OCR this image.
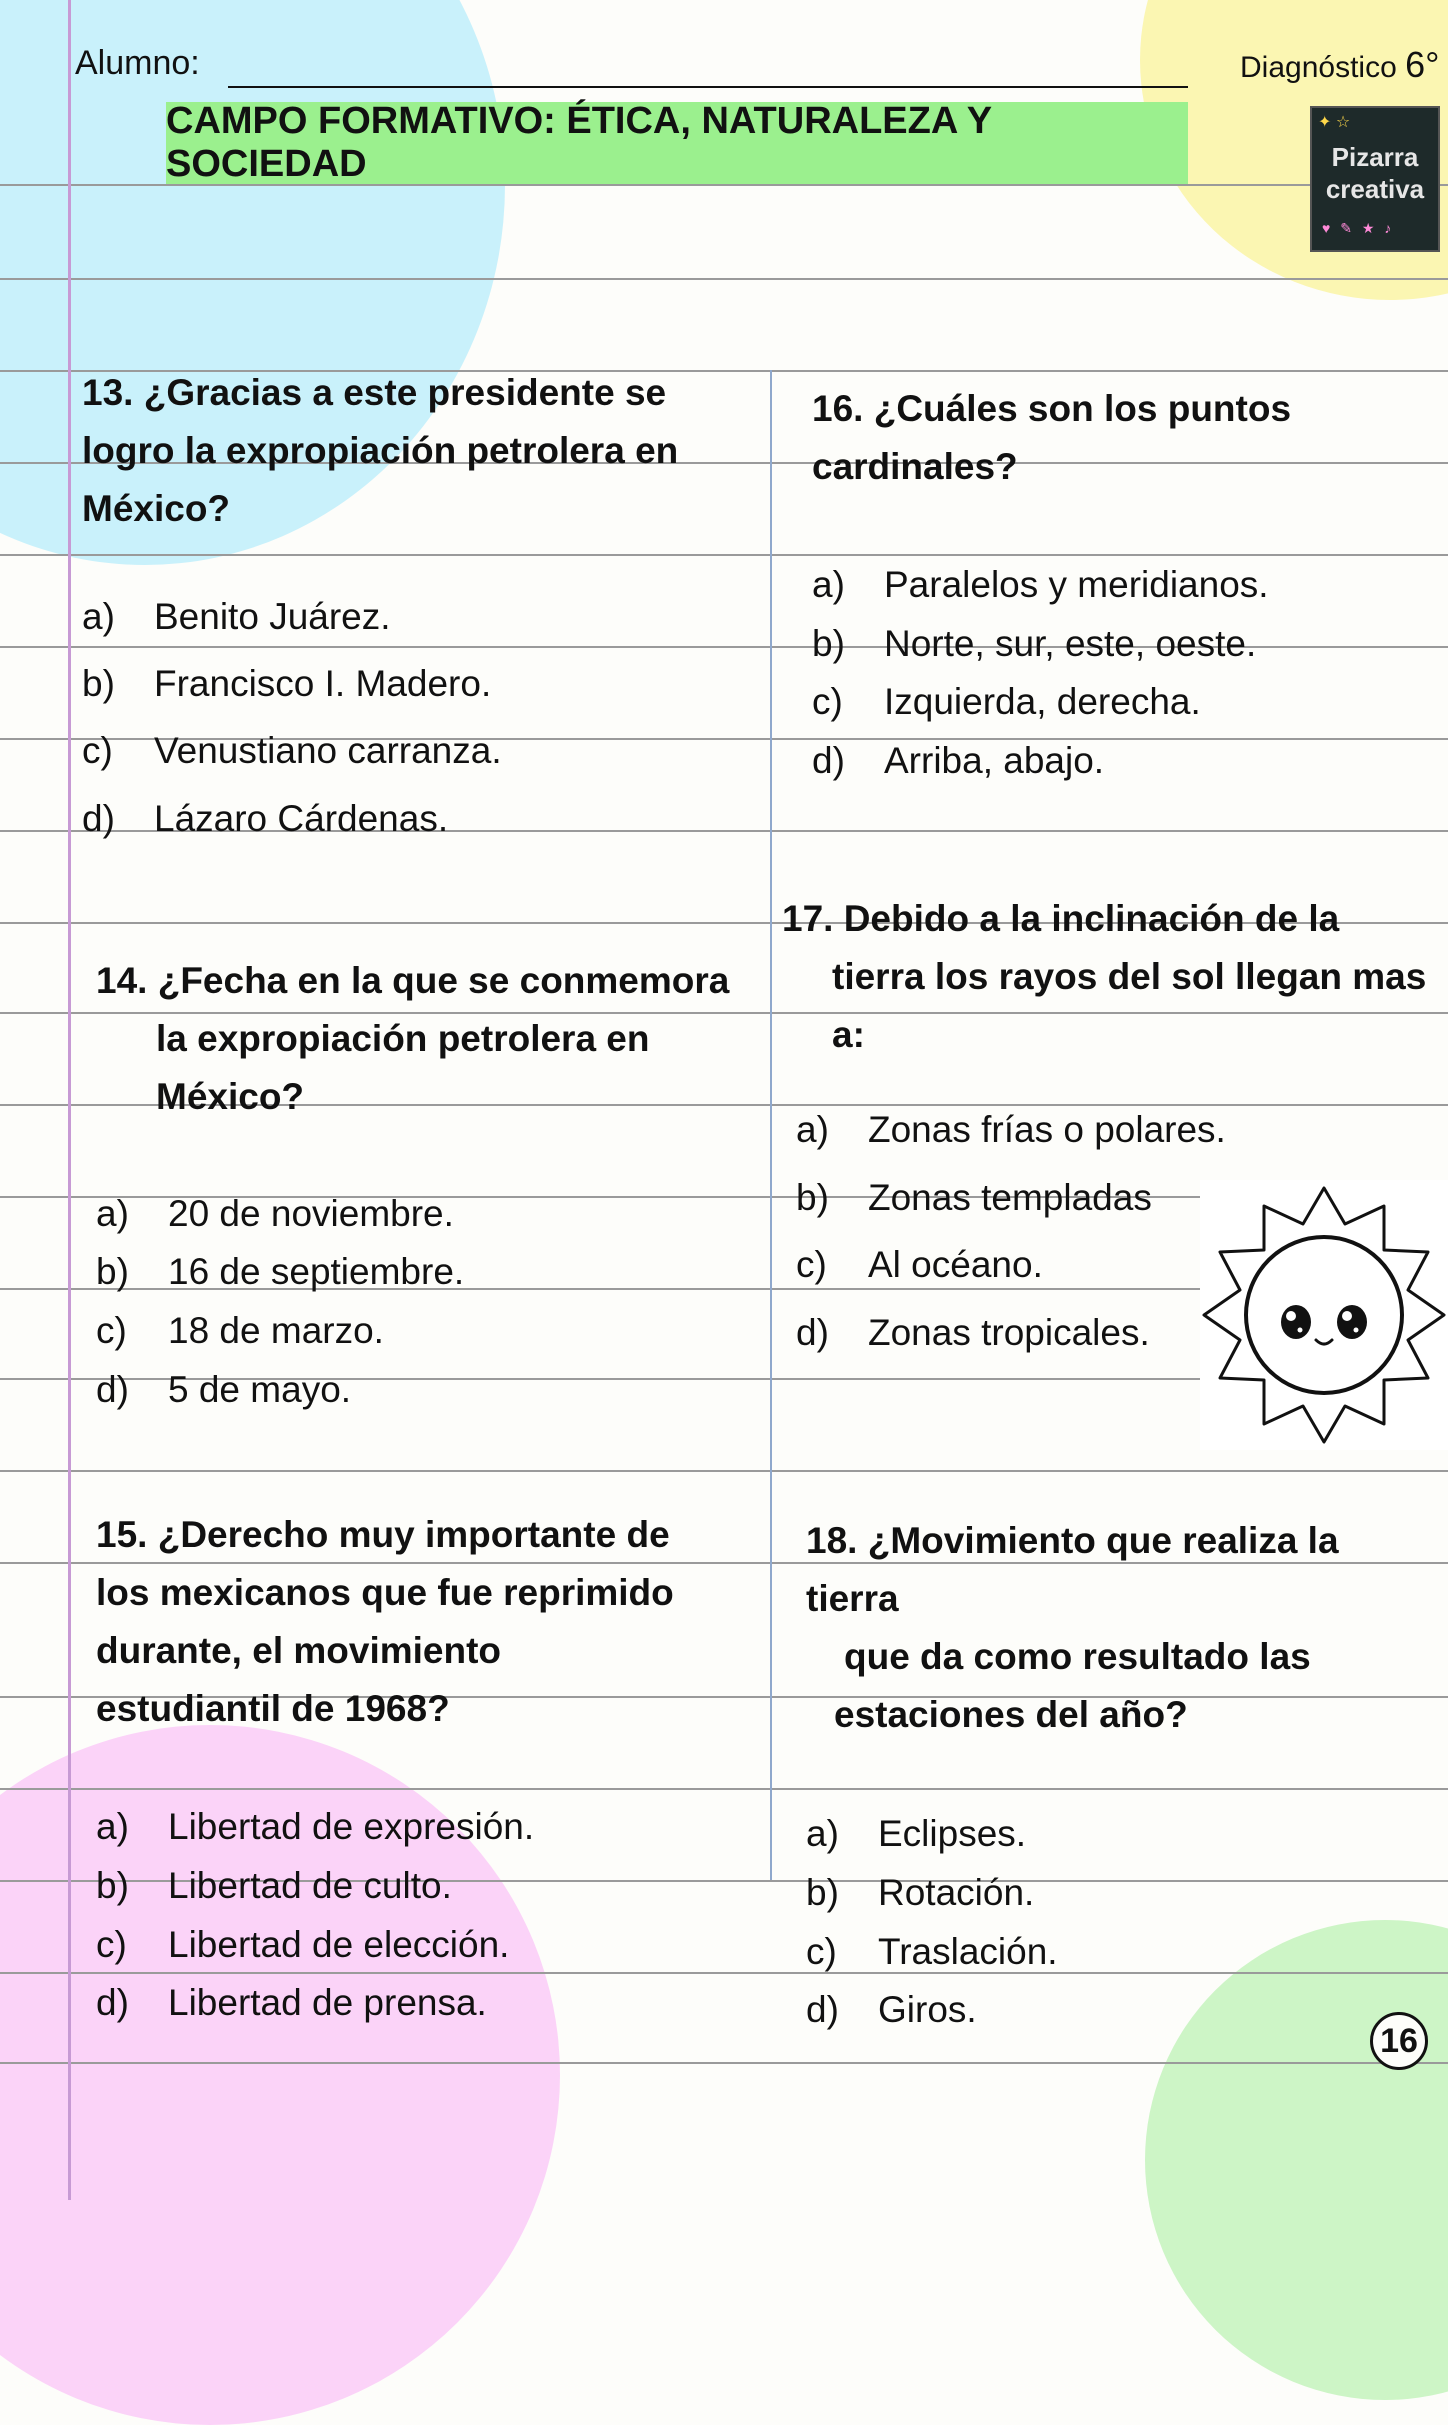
Alumno:	Diagnóstico 6°
CAMPO FORMATIVO: ÉTICA, NATURALEZA Y SOCIEDAD
✦ ☆
Pizarra
creativa
♥ ✎ ★ ♪
13. ¿Gracias a este presidente se
logro la expropiación petrolera en
México?
a) Benito Juárez.
b) Francisco I. Madero.
c) Venustiano carranza.
d) Lázaro Cárdenas.
14. ¿Fecha en la que se conmemora
la expropiación petrolera en
México?
a) 20 de noviembre.
b) 16 de septiembre.
c) 18 de marzo.
d) 5 de mayo.
15. ¿Derecho muy importante de
los mexicanos que fue reprimido
durante, el movimiento
estudiantil de 1968?
a) Libertad de expresión.
b) Libertad de culto.
c) Libertad de elección.
d) Libertad de prensa.
16. ¿Cuáles son los puntos
cardinales?
a) Paralelos y meridianos.
b) Norte, sur, este, oeste.
c) Izquierda, derecha.
d) Arriba, abajo.
17. Debido a la inclinación de la
tierra los rayos del sol llegan mas
a:
a) Zonas frías o polares.
b) Zonas templadas
c) Al océano.
d) Zonas tropicales.
18. ¿Movimiento que realiza la
tierra
que da como resultado las
estaciones del año?
a) Eclipses.
b) Rotación.
c) Traslación.
d) Giros.
16
